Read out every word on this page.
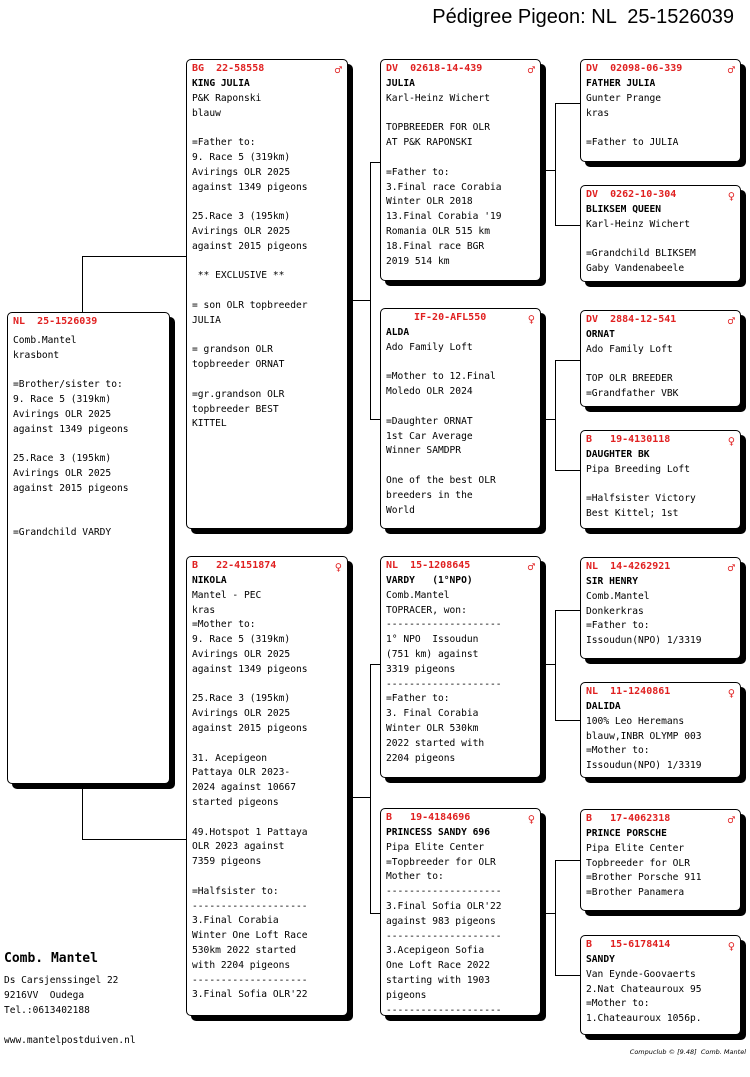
Pédigree Pigeon: NL  25-1526039
NL  25-1526039
Comb.Mantel
krasbont
=Brother/sister to:
9. Race 5 (319km)
Avirings OLR 2025
against 1349 pigeons
25.Race 3 (195km)
Avirings OLR 2025
against 2015 pigeons
=Grandchild VARDY
BG  22-58558	♂
KING JULIA
P&K Raponski
blauw
=Father to:
9. Race 5 (319km)
Avirings OLR 2025
against 1349 pigeons
25.Race 3 (195km)
Avirings OLR 2025
against 2015 pigeons
** EXCLUSIVE **
= son OLR topbreeder
JULIA
= grandson OLR
topbreeder ORNAT
=gr.grandson OLR
topbreeder BEST
KITTEL
B   22-4151874	♀
NIKOLA
Mantel - PEC
kras
=Mother to:
9. Race 5 (319km)
Avirings OLR 2025
against 1349 pigeons
25.Race 3 (195km)
Avirings OLR 2025
against 2015 pigeons
31. Acepigeon
Pattaya OLR 2023-
2024 against 10667
started pigeons
49.Hotspot 1 Pattaya
OLR 2023 against
7359 pigeons
=Halfsister to:
--------------------
3.Final Corabia
Winter One Loft Race
530km 2022 started
with 2204 pigeons
--------------------
3.Final Sofia OLR'22
DV  02618-14-439	♂
JULIA
Karl-Heinz Wichert
TOPBREEDER FOR OLR
AT P&K RAPONSKI
=Father to:
3.Final race Corabia
Winter OLR 2018
13.Final Corabia '19
Romania OLR 515 km
18.Final race BGR
2019 514 km
IF-20-AFL550	♀
ALDA
Ado Family Loft
=Mother to 12.Final
Moledo OLR 2024
=Daughter ORNAT
1st Car Average
Winner SAMDPR
One of the best OLR
breeders in the
World
NL  15-1208645	♂
VARDY   (1°NPO)
Comb.Mantel
TOPRACER, won:
--------------------
1° NPO  Issoudun
(751 km) against
3319 pigeons
--------------------
=Father to:
3. Final Corabia
Winter OLR 530km
2022 started with
2204 pigeons
B   19-4184696	♀
PRINCESS SANDY 696
Pipa Elite Center
=Topbreeder for OLR
Mother to:
--------------------
3.Final Sofia OLR'22
against 983 pigeons
--------------------
3.Acepigeon Sofia
One Loft Race 2022
starting with 1903
pigeons
--------------------
DV  02098-06-339	♂
FATHER JULIA
Gunter Prange
kras
=Father to JULIA
DV  0262-10-304	♀
BLIKSEM QUEEN
Karl-Heinz Wichert
=Grandchild BLIKSEM
Gaby Vandenabeele
DV  2884-12-541	♂
ORNAT
Ado Family Loft
TOP OLR BREEDER
=Grandfather VBK
B   19-4130118	♀
DAUGHTER BK
Pipa Breeding Loft
=Halfsister Victory
Best Kittel; 1st
NL  14-4262921	♂
SIR HENRY
Comb.Mantel
Donkerkras
=Father to:
Issoudun(NPO) 1/3319
NL  11-1240861	♀
DALIDA
100% Leo Heremans
blauw,INBR OLYMP 003
=Mother to:
Issoudun(NPO) 1/3319
B   17-4062318	♂
PRINCE PORSCHE
Pipa Elite Center
Topbreeder for OLR
=Brother Porsche 911
=Brother Panamera
B   15-6178414	♀
SANDY
Van Eynde-Goovaerts
2.Nat Chateauroux 95
=Mother to:
1.Chateauroux 1056p.
Comb. Mantel
Ds Carsjenssingel 22
9216VV  Oudega
Tel.:0613402188
www.mantelpostduiven.nl
Compuclub © [9.48]  Comb. Mantel
